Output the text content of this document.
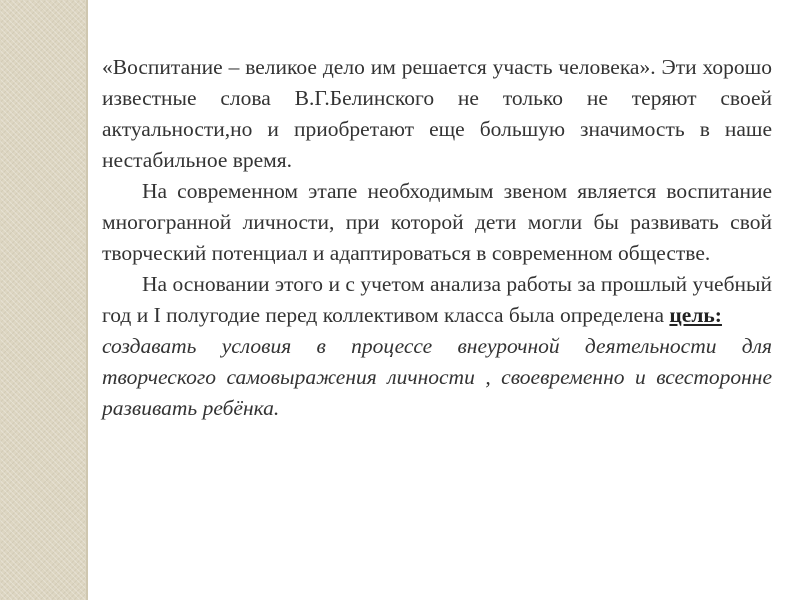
«Воспитание – великое дело им решается участь человека». Эти хорошо известные слова В.Г.Белинского не только не теряют своей актуальности,но и приобретают еще большую значимость в наше нестабильное время.

На современном этапе необходимым звеном является воспитание многогранной личности, при которой дети могли бы развивать свой творческий потенциал и адаптироваться в современном обществе.

На основании этого и с учетом анализа работы за прошлый учебный год и I полугодие перед коллективом класса была определена цель:

создавать условия в процессе внеурочной деятельности для творческого самовыражения личности , своевременно и всесторонне развивать ребёнка.
